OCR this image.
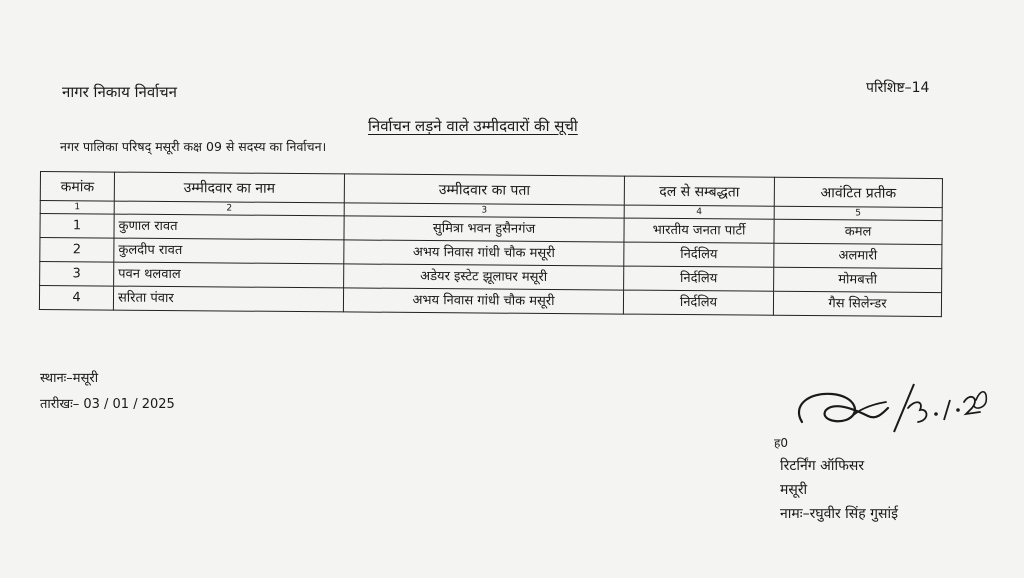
नागर निकाय निर्वाचन	परिशिष्ट–14
निर्वाचन लड़ने वाले उम्मीदवारों की सूची
नगर पालिका परिषद् मसूरी कक्ष 09 से सदस्य का निर्वाचन।
कमांक	उम्मीदवार का नाम	उम्मीदवार का पता	दल से सम्बद्धता	आवंटित प्रतीक
1	2	3	4	5
1	कुणाल रावत	सुमित्रा भवन हुसैनगंज	भारतीय जनता पार्टी	कमल
2	कुलदीप रावत	अभय निवास गांधी चौक मसूरी	निर्दलिय	अलमारी
3	पवन थलवाल	अडेयर इस्टेट झूलाघर मसूरी	निर्दलिय	मोमबत्ती
4	सरिता पंवार	अभय निवास गांधी चौक मसूरी	निर्दलिय	गैस सिलेन्डर
स्थानः–मसूरी
तारीखः– 03 / 01 / 2025
ह0
रिटर्निंग ऑफिसर
मसूरी
नामः–रघुवीर सिंह गुसांई
